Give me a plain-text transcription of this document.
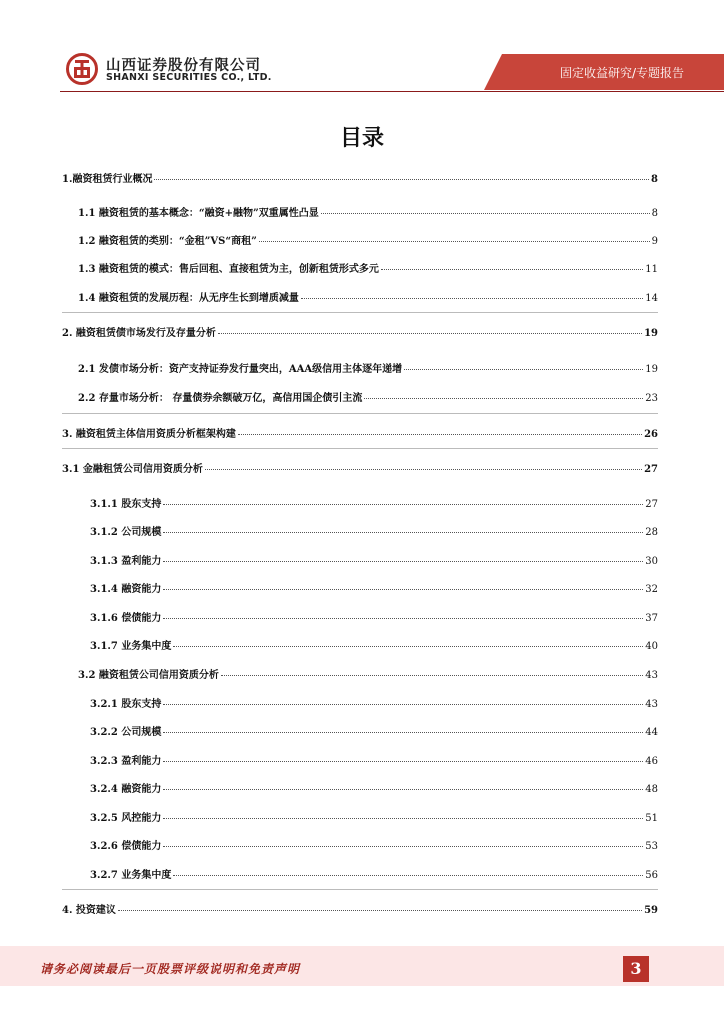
山西证券股份有限公司
SHANXI SECURITIES CO., LTD.	固定收益研究/专题报告
目录
1.融资租赁行业概况	8
1.1 融资租赁的基本概念：“融资+融物”双重属性凸显	8
1.2 融资租赁的类别：“金租”VS“商租”	9
1.3 融资租赁的模式：售后回租、直接租赁为主，创新租赁形式多元	11
1.4 融资租赁的发展历程：从无序生长到增质减量	14
2. 融资租赁债市场发行及存量分析	19
2.1 发债市场分析：资产支持证券发行量突出，AAA级信用主体逐年递增	19
2.2 存量市场分析： 存量债券余额破万亿，高信用国企债引主流	23
3. 融资租赁主体信用资质分析框架构建	26
3.1 金融租赁公司信用资质分析	27
3.1.1 股东支持	27
3.1.2 公司规模	28
3.1.3 盈利能力	30
3.1.4 融资能力	32
3.1.6 偿债能力	37
3.1.7 业务集中度	40
3.2 融资租赁公司信用资质分析	43
3.2.1 股东支持	43
3.2.2 公司规模	44
3.2.3 盈利能力	46
3.2.4 融资能力	48
3.2.5 风控能力	51
3.2.6 偿债能力	53
3.2.7 业务集中度	56
4. 投资建议	59
请务必阅读最后一页股票评级说明和免责声明	3
